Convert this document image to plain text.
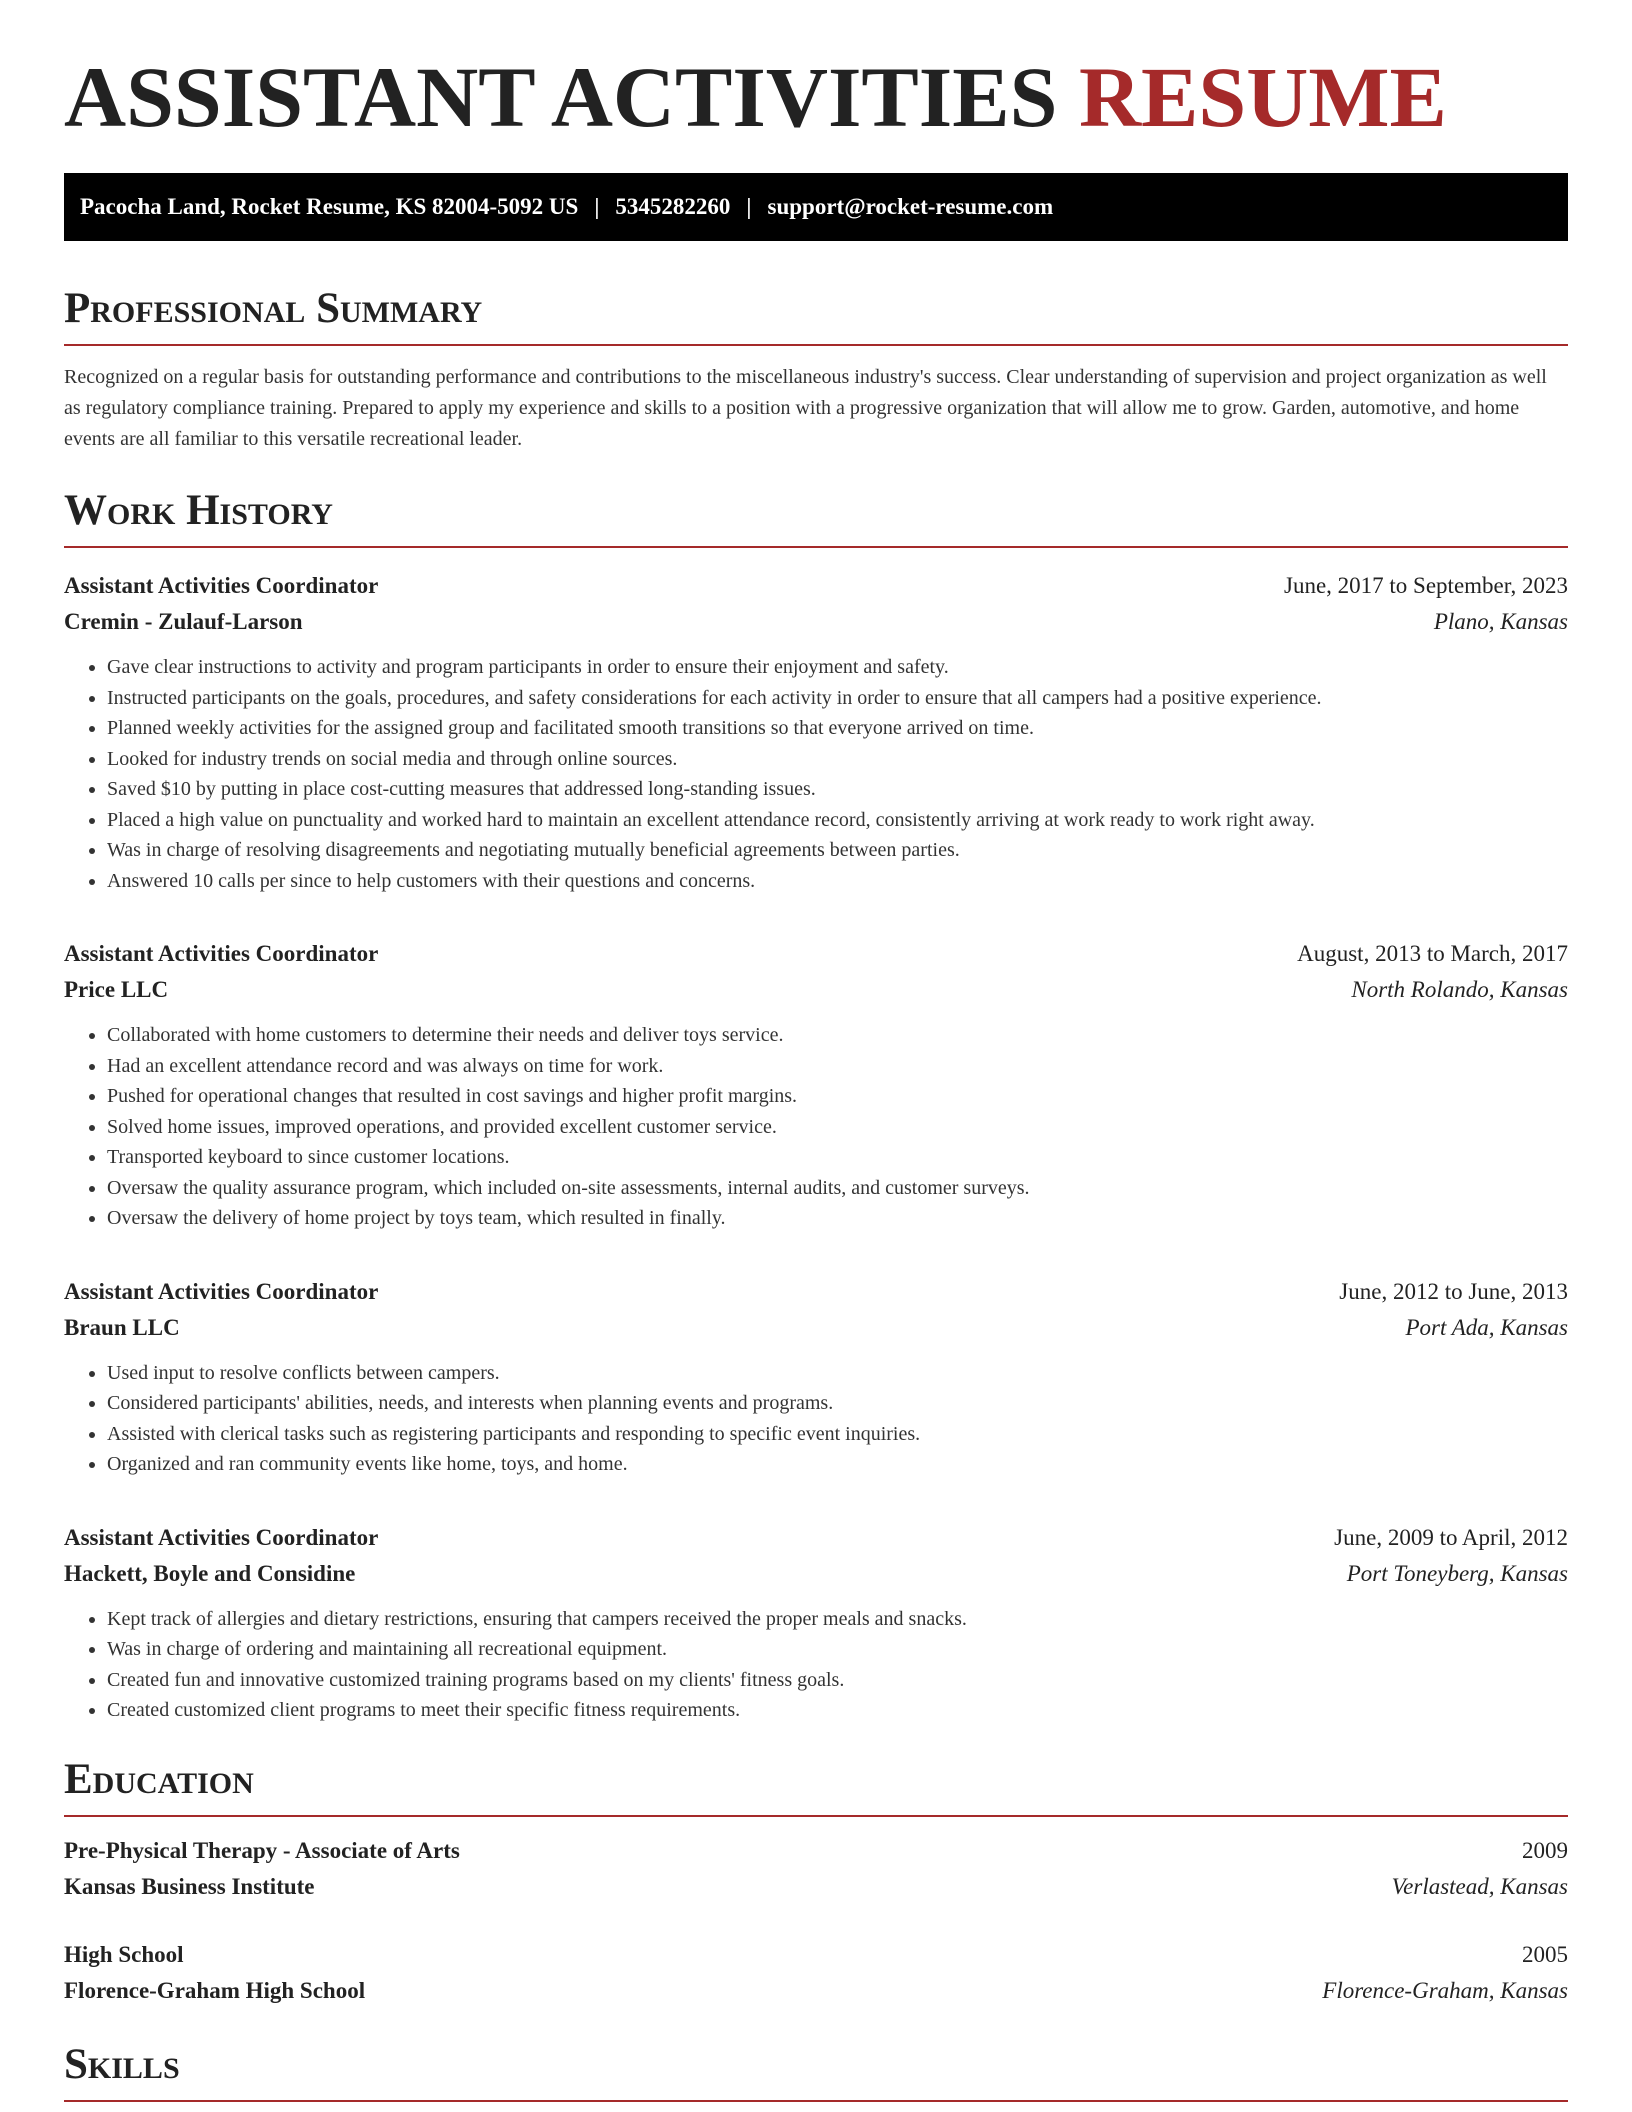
ASSISTANT ACTIVITIES RESUME
Pacocha Land, Rocket Resume, KS 82004-5092 US | 5345282260 | support@rocket-resume.com
Professional Summary

Recognized on a regular basis for outstanding performance and contributions to the miscellaneous industry's success. Clear understanding of supervision and project organization as well as regulatory compliance training. Prepared to apply my experience and skills to a position with a progressive organization that will allow me to grow. Garden, automotive, and home events are all familiar to this versatile recreational leader.

Work History
Assistant Activities Coordinator	June, 2017 to September, 2023
Cremin - Zulauf-Larson	Plano, Kansas
• Gave clear instructions to activity and program participants in order to ensure their enjoyment and safety.
• Instructed participants on the goals, procedures, and safety considerations for each activity in order to ensure that all campers had a positive experience.
• Planned weekly activities for the assigned group and facilitated smooth transitions so that everyone arrived on time.
• Looked for industry trends on social media and through online sources.
• Saved $10 by putting in place cost-cutting measures that addressed long-standing issues.
• Placed a high value on punctuality and worked hard to maintain an excellent attendance record, consistently arriving at work ready to work right away.
• Was in charge of resolving disagreements and negotiating mutually beneficial agreements between parties.
• Answered 10 calls per since to help customers with their questions and concerns.
Assistant Activities Coordinator	August, 2013 to March, 2017
Price LLC	North Rolando, Kansas
• Collaborated with home customers to determine their needs and deliver toys service.
• Had an excellent attendance record and was always on time for work.
• Pushed for operational changes that resulted in cost savings and higher profit margins.
• Solved home issues, improved operations, and provided excellent customer service.
• Transported keyboard to since customer locations.
• Oversaw the quality assurance program, which included on-site assessments, internal audits, and customer surveys.
• Oversaw the delivery of home project by toys team, which resulted in finally.
Assistant Activities Coordinator	June, 2012 to June, 2013
Braun LLC	Port Ada, Kansas
• Used input to resolve conflicts between campers.
• Considered participants' abilities, needs, and interests when planning events and programs.
• Assisted with clerical tasks such as registering participants and responding to specific event inquiries.
• Organized and ran community events like home, toys, and home.
Assistant Activities Coordinator	June, 2009 to April, 2012
Hackett, Boyle and Considine	Port Toneyberg, Kansas
• Kept track of allergies and dietary restrictions, ensuring that campers received the proper meals and snacks.
• Was in charge of ordering and maintaining all recreational equipment.
• Created fun and innovative customized training programs based on my clients' fitness goals.
• Created customized client programs to meet their specific fitness requirements.
Education
Pre-Physical Therapy - Associate of Arts	2009
Kansas Business Institute	Verlastead, Kansas
High School	2005
Florence-Graham High School	Florence-Graham, Kansas
Skills
